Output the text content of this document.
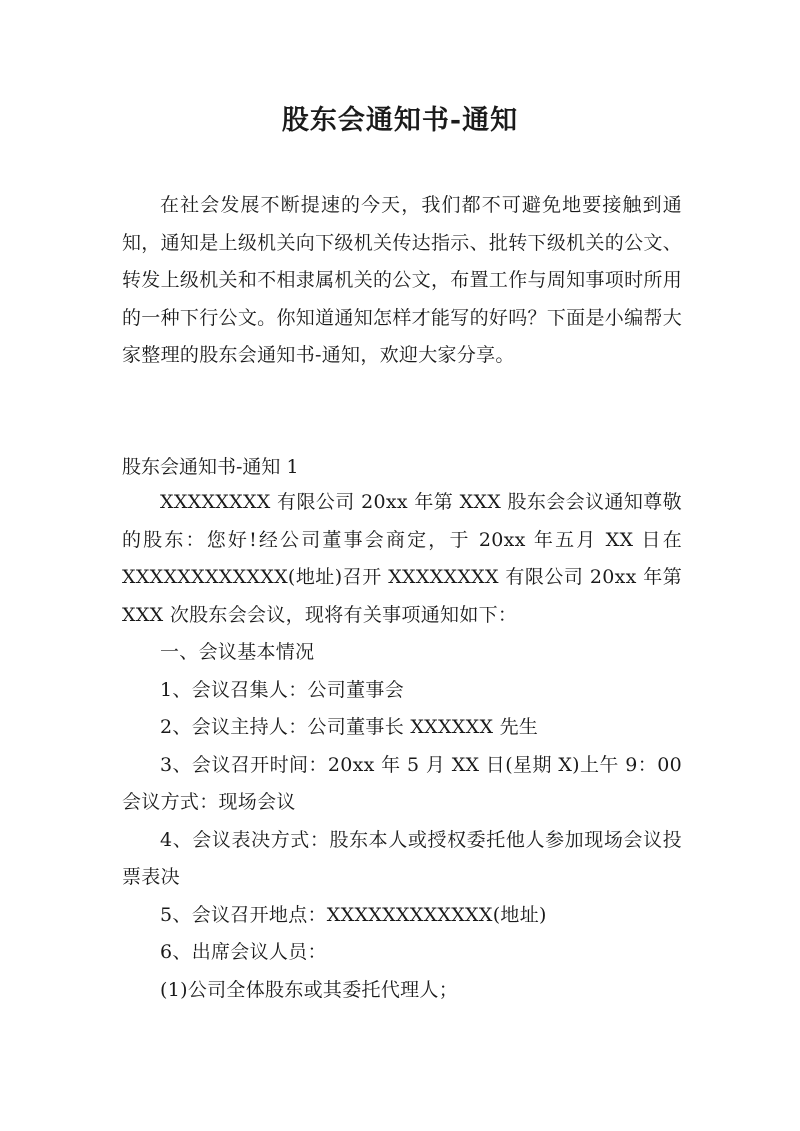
股东会通知书-通知
在社会发展不断提速的今天，我们都不可避免地要接触到通知，通知是上级机关向下级机关传达指示、批转下级机关的公文、转发上级机关和不相隶属机关的公文，布置工作与周知事项时所用的一种下行公文。你知道通知怎样才能写的好吗？下面是小编帮大家整理的股东会通知书-通知，欢迎大家分享。
股东会通知书-通知 1

XXXXXXXX 有限公司 20xx 年第 XXX 股东会会议通知尊敬的股东：您好!经公司董事会商定，于 20xx 年五月 XX 日在 XXXXXXXXXXXX(地址)召开 XXXXXXXX 有限公司 20xx 年第 XXX 次股东会会议，现将有关事项通知如下：

一、会议基本情况

1、会议召集人：公司董事会

2、会议主持人：公司董事长 XXXXXX 先生

3、会议召开时间：20xx 年 5 月 XX 日(星期 X)上午 9：00 会议方式：现场会议

4、会议表决方式：股东本人或授权委托他人参加现场会议投票表决

5、会议召开地点：XXXXXXXXXXXX(地址)

6、出席会议人员：

(1)公司全体股东或其委托代理人；
